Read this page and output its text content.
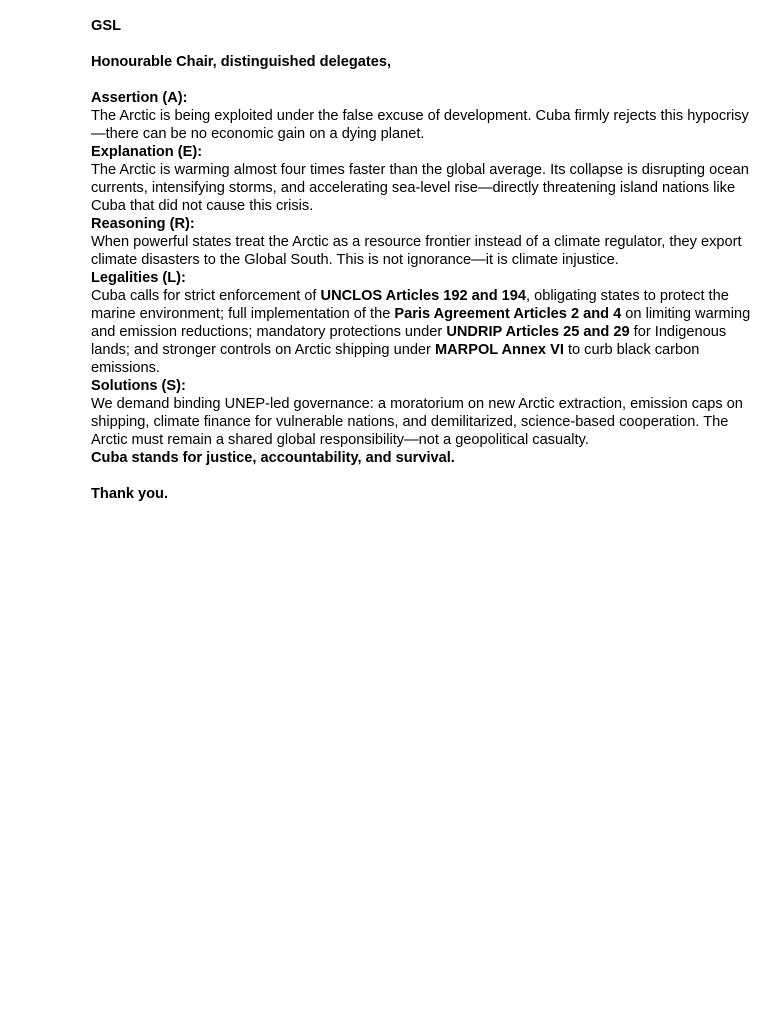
GSL

Honourable Chair, distinguished delegates,

Assertion (A):

The Arctic is being exploited under the false excuse of development. Cuba firmly rejects this hypocrisy—there can be no economic gain on a dying planet.

Explanation (E):

The Arctic is warming almost four times faster than the global average. Its collapse is disrupting ocean currents, intensifying storms, and accelerating sea-level rise—directly threatening island nations like Cuba that did not cause this crisis.

Reasoning (R):

When powerful states treat the Arctic as a resource frontier instead of a climate regulator, they export climate disasters to the Global South. This is not ignorance—it is climate injustice.

Legalities (L):

Cuba calls for strict enforcement of UNCLOS Articles 192 and 194, obligating states to protect the marine environment; full implementation of the Paris Agreement Articles 2 and 4 on limiting warming and emission reductions; mandatory protections under UNDRIP Articles 25 and 29 for Indigenous lands; and stronger controls on Arctic shipping under MARPOL Annex VI to curb black carbon emissions.

Solutions (S):

We demand binding UNEP-led governance: a moratorium on new Arctic extraction, emission caps on shipping, climate finance for vulnerable nations, and demilitarized, science-based cooperation. The Arctic must remain a shared global responsibility—not a geopolitical casualty.

Cuba stands for justice, accountability, and survival.

Thank you.
